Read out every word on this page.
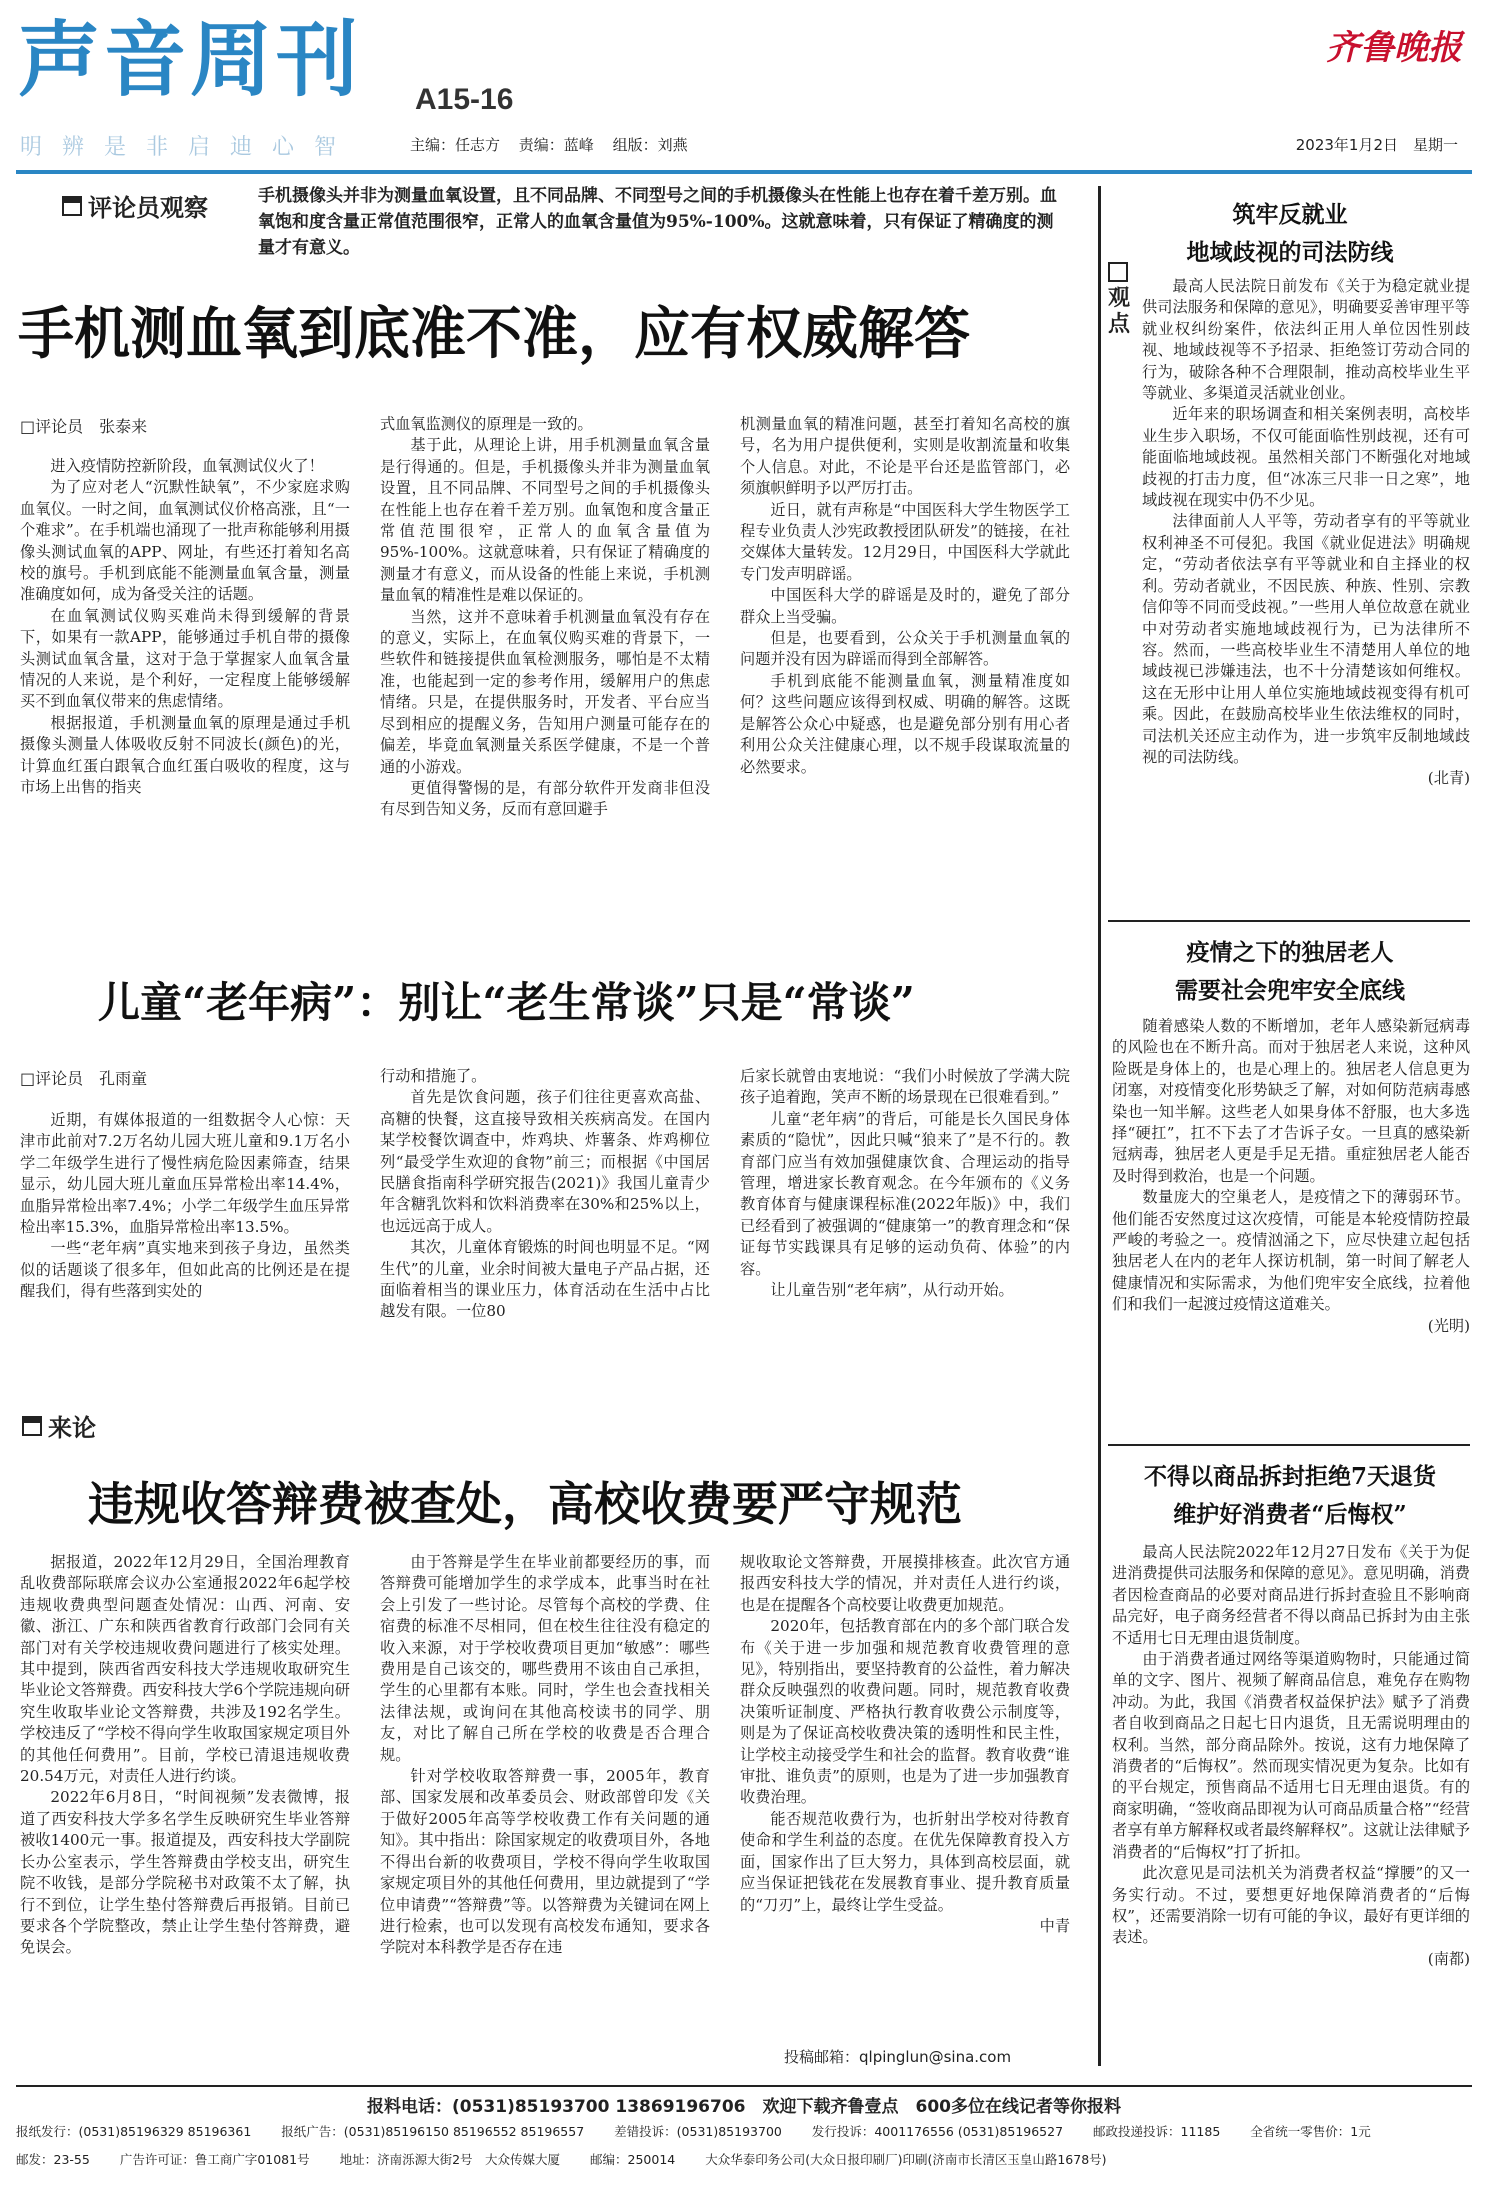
声音周刊 A15-16
明辨是非启迪心智	主编：任志方 责编：蓝峰 组版：刘燕
齐鲁晚报
2023年1月2日　星期一
评论员观察	手机摄像头并非为测量血氧设置，且不同品牌、不同型号之间的手机摄像头在性能上也存在着千差万别。血氧饱和度含量正常值范围很窄，正常人的血氧含量值为95%-100%。这就意味着，只有保证了精确度的测量才有意义。
手机测血氧到底准不准，应有权威解答
□评论员　张泰来

进入疫情防控新阶段，血氧测试仪火了！

为了应对老人“沉默性缺氧”，不少家庭求购血氧仪。一时之间，血氧测试仪价格高涨，且“一个难求”。在手机端也涌现了一批声称能够利用摄像头测试血氧的APP、网址，有些还打着知名高校的旗号。手机到底能不能测量血氧含量，测量准确度如何，成为备受关注的话题。

在血氧测试仪购买难尚未得到缓解的背景下，如果有一款APP，能够通过手机自带的摄像头测试血氧含量，这对于急于掌握家人血氧含量情况的人来说，是个利好，一定程度上能够缓解买不到血氧仪带来的焦虑情绪。

根据报道，手机测量血氧的原理是通过手机摄像头测量人体吸收反射不同波长(颜色)的光，计算血红蛋白跟氧合血红蛋白吸收的程度，这与市场上出售的指夹

式血氧监测仪的原理是一致的。

基于此，从理论上讲，用手机测量血氧含量是行得通的。但是，手机摄像头并非为测量血氧设置，且不同品牌、不同型号之间的手机摄像头在性能上也存在着千差万别。血氧饱和度含量正常值范围很窄，正常人的血氧含量值为95%-100%。这就意味着，只有保证了精确度的测量才有意义，而从设备的性能上来说，手机测量血氧的精准性是难以保证的。

当然，这并不意味着手机测量血氧没有存在的意义，实际上，在血氧仪购买难的背景下，一些软件和链接提供血氧检测服务，哪怕是不太精准，也能起到一定的参考作用，缓解用户的焦虑情绪。只是，在提供服务时，开发者、平台应当尽到相应的提醒义务，告知用户测量可能存在的偏差，毕竟血氧测量关系医学健康，不是一个普通的小游戏。

更值得警惕的是，有部分软件开发商非但没有尽到告知义务，反而有意回避手

机测量血氧的精准问题，甚至打着知名高校的旗号，名为用户提供便利，实则是收割流量和收集个人信息。对此，不论是平台还是监管部门，必须旗帜鲜明予以严厉打击。

近日，就有声称是“中国医科大学生物医学工程专业负责人沙宪政教授团队研发”的链接，在社交媒体大量转发。12月29日，中国医科大学就此专门发声明辟谣。

中国医科大学的辟谣是及时的，避免了部分群众上当受骗。

但是，也要看到，公众关于手机测量血氧的问题并没有因为辟谣而得到全部解答。

手机到底能不能测量血氧，测量精准度如何？这些问题应该得到权威、明确的解答。这既是解答公众心中疑惑，也是避免部分别有用心者利用公众关注健康心理，以不规手段谋取流量的必然要求。

儿童“老年病”：别让“老生常谈”只是“常谈”
□评论员　孔雨童

近期，有媒体报道的一组数据令人心惊：天津市此前对7.2万名幼儿园大班儿童和9.1万名小学二年级学生进行了慢性病危险因素筛查，结果显示，幼儿园大班儿童血压异常检出率14.4%，血脂异常检出率7.4%；小学二年级学生血压异常检出率15.3%，血脂异常检出率13.5%。

一些“老年病”真实地来到孩子身边，虽然类似的话题谈了很多年，但如此高的比例还是在提醒我们，得有些落到实处的

行动和措施了。

首先是饮食问题，孩子们往往更喜欢高盐、高糖的快餐，这直接导致相关疾病高发。在国内某学校餐饮调查中，炸鸡块、炸薯条、炸鸡柳位列“最受学生欢迎的食物”前三；而根据《中国居民膳食指南科学研究报告(2021)》我国儿童青少年含糖乳饮料和饮料消费率在30%和25%以上，也远远高于成人。

其次，儿童体育锻炼的时间也明显不足。“网生代”的儿童，业余时间被大量电子产品占据，还面临着相当的课业压力，体育活动在生活中占比越发有限。一位80

后家长就曾由衷地说：“我们小时候放了学满大院孩子追着跑，笑声不断的场景现在已很难看到。”

儿童“老年病”的背后，可能是长久国民身体素质的“隐忧”，因此只喊“狼来了”是不行的。教育部门应当有效加强健康饮食、合理运动的指导管理，增进家长教育观念。在今年颁布的《义务教育体育与健康课程标准(2022年版)》中，我们已经看到了被强调的“健康第一”的教育理念和“保证每节实践课具有足够的运动负荷、体验”的内容。

让儿童告别“老年病”，从行动开始。

来论
违规收答辩费被查处，高校收费要严守规范

据报道，2022年12月29日，全国治理教育乱收费部际联席会议办公室通报2022年6起学校违规收费典型问题查处情况：山西、河南、安徽、浙江、广东和陕西省教育行政部门会同有关部门对有关学校违规收费问题进行了核实处理。其中提到，陕西省西安科技大学违规收取研究生毕业论文答辩费。西安科技大学6个学院违规向研究生收取毕业论文答辩费，共涉及192名学生。学校违反了“学校不得向学生收取国家规定项目外的其他任何费用”。目前，学校已清退违规收费20.54万元，对责任人进行约谈。

2022年6月8日，“时间视频”发表微博，报道了西安科技大学多名学生反映研究生毕业答辩被收1400元一事。报道提及，西安科技大学副院长办公室表示，学生答辩费由学校支出，研究生院不收钱，是部分学院秘书对政策不太了解，执行不到位，让学生垫付答辩费后再报销。目前已要求各个学院整改，禁止让学生垫付答辩费，避免误会。

由于答辩是学生在毕业前都要经历的事，而答辩费可能增加学生的求学成本，此事当时在社会上引发了一些讨论。尽管每个高校的学费、住宿费的标准不尽相同，但在校生往往没有稳定的收入来源，对于学校收费项目更加“敏感”：哪些费用是自己该交的，哪些费用不该由自己承担，学生的心里都有本账。同时，学生也会查找相关法律法规，或询问在其他高校读书的同学、朋友，对比了解自己所在学校的收费是否合理合规。

针对学校收取答辩费一事，2005年，教育部、国家发展和改革委员会、财政部曾印发《关于做好2005年高等学校收费工作有关问题的通知》。其中指出：除国家规定的收费项目外，各地不得出台新的收费项目，学校不得向学生收取国家规定项目外的其他任何费用，里边就提到了“学位申请费”“答辩费”等。以答辩费为关键词在网上进行检索，也可以发现有高校发布通知，要求各学院对本科教学是否存在违

规收取论文答辩费，开展摸排核查。此次官方通报西安科技大学的情况，并对责任人进行约谈，也是在提醒各个高校要让收费更加规范。

2020年，包括教育部在内的多个部门联合发布《关于进一步加强和规范教育收费管理的意见》，特别指出，要坚持教育的公益性，着力解决群众反映强烈的收费问题。同时，规范教育收费决策听证制度、严格执行教育收费公示制度等，则是为了保证高校收费决策的透明性和民主性，让学校主动接受学生和社会的监督。教育收费“谁审批、谁负责”的原则，也是为了进一步加强教育收费治理。

能否规范收费行为，也折射出学校对待教育使命和学生利益的态度。在优先保障教育投入方面，国家作出了巨大努力，具体到高校层面，就应当保证把钱花在发展教育事业、提升教育质量的“刀刃”上，最终让学生受益。

中青

投稿邮箱：qlpinglun@sina.com
观点
筑牢反就业
地域歧视的司法防线

最高人民法院日前发布《关于为稳定就业提供司法服务和保障的意见》，明确要妥善审理平等就业权纠纷案件，依法纠正用人单位因性别歧视、地域歧视等不予招录、拒绝签订劳动合同的行为，破除各种不合理限制，推动高校毕业生平等就业、多渠道灵活就业创业。

近年来的职场调查和相关案例表明，高校毕业生步入职场，不仅可能面临性别歧视，还有可能面临地域歧视。虽然相关部门不断强化对地域歧视的打击力度，但“冰冻三尺非一日之寒”，地域歧视在现实中仍不少见。

法律面前人人平等，劳动者享有的平等就业权利神圣不可侵犯。我国《就业促进法》明确规定，“劳动者依法享有平等就业和自主择业的权利。劳动者就业，不因民族、种族、性别、宗教信仰等不同而受歧视。”一些用人单位故意在就业中对劳动者实施地域歧视行为，已为法律所不容。然而，一些高校毕业生不清楚用人单位的地域歧视已涉嫌违法，也不十分清楚该如何维权。这在无形中让用人单位实施地域歧视变得有机可乘。因此，在鼓励高校毕业生依法维权的同时，司法机关还应主动作为，进一步筑牢反制地域歧视的司法防线。

(北青)

疫情之下的独居老人
需要社会兜牢安全底线

随着感染人数的不断增加，老年人感染新冠病毒的风险也在不断升高。而对于独居老人来说，这种风险既是身体上的，也是心理上的。独居老人信息更为闭塞，对疫情变化形势缺乏了解，对如何防范病毒感染也一知半解。这些老人如果身体不舒服，也大多选择“硬扛”，扛不下去了才告诉子女。一旦真的感染新冠病毒，独居老人更是手足无措。重症独居老人能否及时得到救治，也是一个问题。

数量庞大的空巢老人，是疫情之下的薄弱环节。他们能否安然度过这次疫情，可能是本轮疫情防控最严峻的考验之一。疫情汹涌之下，应尽快建立起包括独居老人在内的老年人探访机制，第一时间了解老人健康情况和实际需求，为他们兜牢安全底线，拉着他们和我们一起渡过疫情这道难关。

(光明)

不得以商品拆封拒绝7天退货
维护好消费者“后悔权”

最高人民法院2022年12月27日发布《关于为促进消费提供司法服务和保障的意见》。意见明确，消费者因检查商品的必要对商品进行拆封查验且不影响商品完好，电子商务经营者不得以商品已拆封为由主张不适用七日无理由退货制度。

由于消费者通过网络等渠道购物时，只能通过简单的文字、图片、视频了解商品信息，难免存在购物冲动。为此，我国《消费者权益保护法》赋予了消费者自收到商品之日起七日内退货，且无需说明理由的权利。当然，部分商品除外。按说，这有力地保障了消费者的“后悔权”。然而现实情况更为复杂。比如有的平台规定，预售商品不适用七日无理由退货。有的商家明确，“签收商品即视为认可商品质量合格”“经营者享有单方解释权或者最终解释权”。这就让法律赋予消费者的“后悔权”打了折扣。

此次意见是司法机关为消费者权益“撑腰”的又一务实行动。不过，要想更好地保障消费者的“后悔权”，还需要消除一切有可能的争议，最好有更详细的表述。

(南都)

报料电话：(0531)85193700 13869196706　欢迎下载齐鲁壹点　600多位在线记者等你报料
报纸发行：(0531)85196329 85196361 报纸广告：(0531)85196150 85196552 85196557 差错投诉：(0531)85193700 发行投诉：4001176556 (0531)85196527 邮政投递投诉：11185 全省统一零售价：1元
邮发：23-55 广告许可证：鲁工商广字01081号 地址：济南泺源大街2号　大众传媒大厦 邮编：250014 大众华泰印务公司(大众日报印刷厂)印刷(济南市长清区玉皇山路1678号)
